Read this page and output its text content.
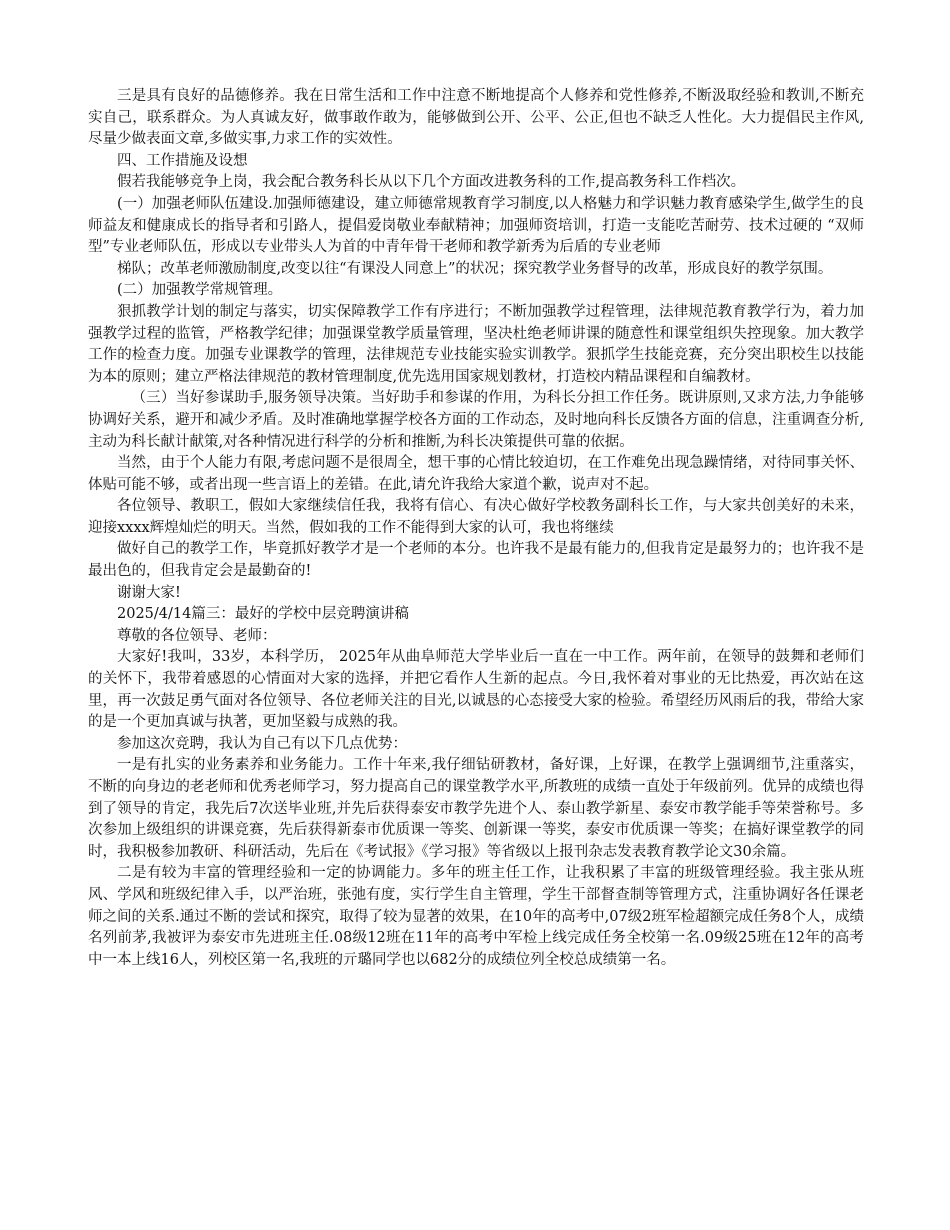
三是具有良好的品德修养。我在日常生活和工作中注意不断地提高个人修养和党性修养,不断汲取经验和教训,不断充实自己，联系群众。为人真诚友好，做事敢作敢为，能够做到公开、公平、公正,但也不缺乏人性化。大力提倡民主作风,尽量少做表面文章,多做实事,力求工作的实效性。

四、工作措施及设想

假若我能够竞争上岗，我会配合教务科长从以下几个方面改进教务科的工作,提高教务科工作档次。

(一）加强老师队伍建设.加强师德建设，建立师德常规教育学习制度,以人格魅力和学识魅力教育感染学生,做学生的良师益友和健康成长的指导者和引路人，提倡爱岗敬业奉献精神；加强师资培训，打造一支能吃苦耐劳、技术过硬的 “双师型”专业老师队伍，形成以专业带头人为首的中青年骨干老师和教学新秀为后盾的专业老师

梯队；改革老师激励制度,改变以往“有课没人同意上”的状况；探究教学业务督导的改革，形成良好的教学氛围。

(二）加强教学常规管理。

狠抓教学计划的制定与落实，切实保障教学工作有序进行；不断加强教学过程管理，法律规范教育教学行为，着力加强教学过程的监管，严格教学纪律；加强课堂教学质量管理，坚决杜绝老师讲课的随意性和课堂组织失控现象。加大教学工作的检查力度。加强专业课教学的管理，法律规范专业技能实验实训教学。狠抓学生技能竞赛，充分突出职校生以技能为本的原则；建立严格法律规范的教材管理制度,优先选用国家规划教材，打造校内精品课程和自编教材。

（三）当好参谋助手,服务领导决策。当好助手和参谋的作用，为科长分担工作任务。既讲原则,又求方法,力争能够协调好关系，避开和减少矛盾。及时准确地掌握学校各方面的工作动态，及时地向科长反馈各方面的信息，注重调查分析,主动为科长献计献策,对各种情况进行科学的分析和推断,为科长决策提供可靠的依据。

当然，由于个人能力有限,考虑问题不是很周全，想干事的心情比较迫切，在工作难免出现急躁情绪，对待同事关怀、体贴可能不够，或者出现一些言语上的差错。在此,请允许我给大家道个歉，说声对不起。

各位领导、教职工，假如大家继续信任我，我将有信心、有决心做好学校教务副科长工作，与大家共创美好的未来，迎接xxxx辉煌灿烂的明天。当然，假如我的工作不能得到大家的认可，我也将继续

做好自己的教学工作，毕竟抓好教学才是一个老师的本分。也许我不是最有能力的,但我肯定是最努力的；也许我不是最出色的，但我肯定会是最勤奋的!

谢谢大家!

2025/4/14篇三：最好的学校中层竞聘演讲稿

尊敬的各位领导、老师：

大家好!我叫，33岁，本科学历， 2025年从曲阜师范大学毕业后一直在一中工作。两年前，在领导的鼓舞和老师们的关怀下，我带着感恩的心情面对大家的选择，并把它看作人生新的起点。今日,我怀着对事业的无比热爱，再次站在这里，再一次鼓足勇气面对各位领导、各位老师关注的目光,以诚恳的心态接受大家的检验。希望经历风雨后的我，带给大家的是一个更加真诚与执著，更加坚毅与成熟的我。

参加这次竞聘，我认为自己有以下几点优势：

一是有扎实的业务素养和业务能力。工作十年来,我仔细钻研教材，备好课，上好课，在教学上强调细节,注重落实，不断的向身边的老老师和优秀老师学习，努力提高自己的课堂教学水平,所教班的成绩一直处于年级前列。优异的成绩也得到了领导的肯定，我先后7次送毕业班,并先后获得泰安市教学先进个人、泰山教学新星、泰安市教学能手等荣誉称号。多次参加上级组织的讲课竞赛，先后获得新泰市优质课一等奖、创新课一等奖，泰安市优质课一等奖；在搞好课堂教学的同时，我积极参加教研、科研活动，先后在《考试报》《学习报》等省级以上报刊杂志发表教育教学论文30余篇。

二是有较为丰富的管理经验和一定的协调能力。多年的班主任工作，让我积累了丰富的班级管理经验。我主张从班风、学风和班级纪律入手，以严治班，张弛有度，实行学生自主管理，学生干部督查制等管理方式，注重协调好各任课老师之间的关系.通过不断的尝试和探究，取得了较为显著的效果，在10年的高考中,07级2班军检超额完成任务8个人，成绩名列前茅,我被评为泰安市先进班主任.08级12班在11年的高考中军检上线完成任务全校第一名.09级25班在12年的高考中一本上线16人，列校区第一名,我班的亓璐同学也以682分的成绩位列全校总成绩第一名。
